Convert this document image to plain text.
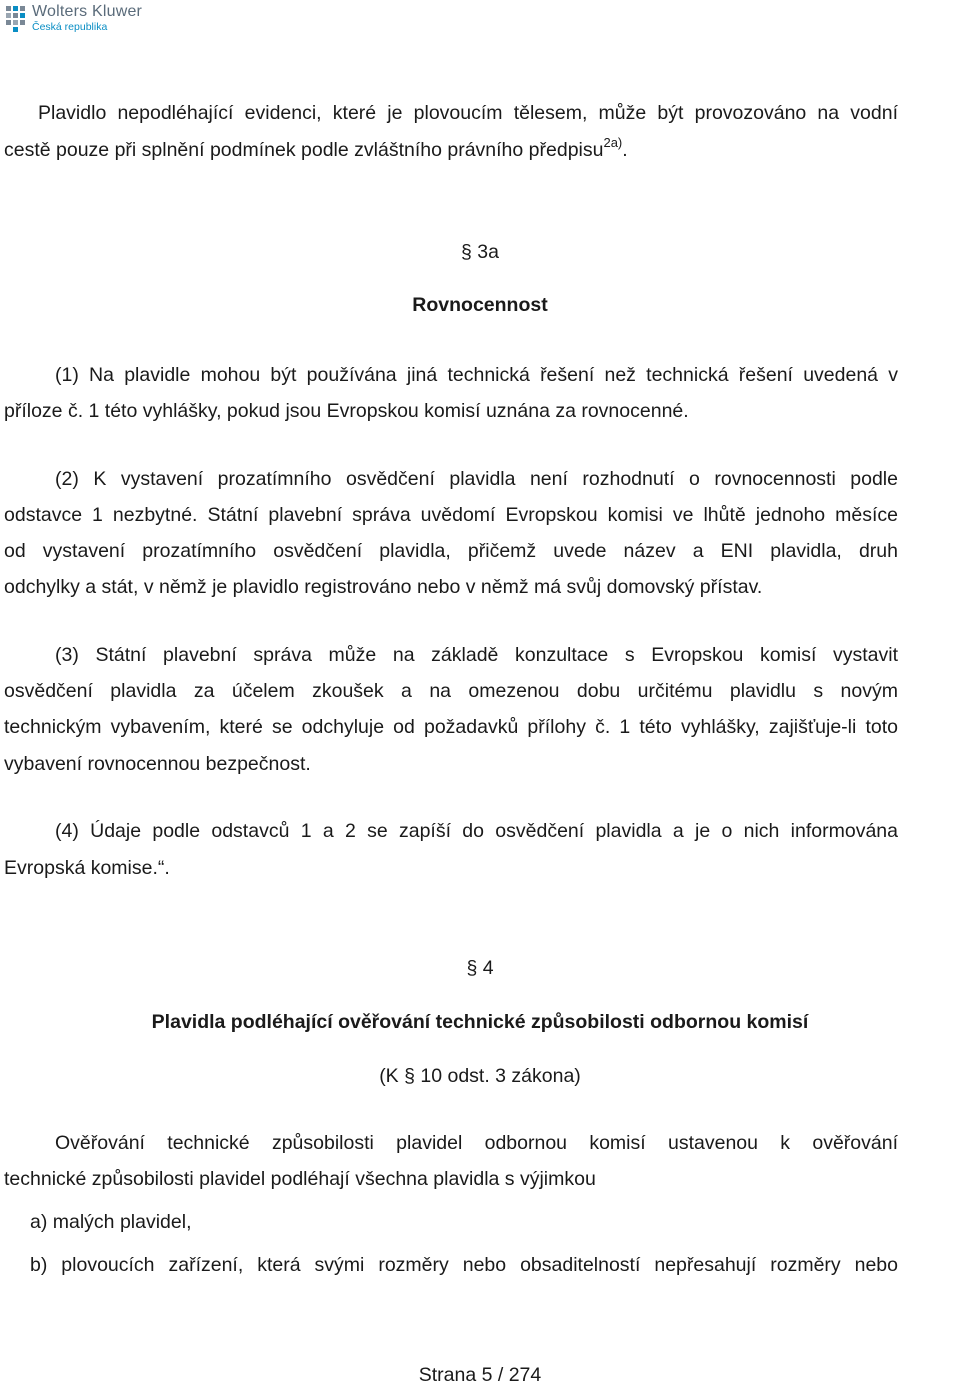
Wolters Kluwer
Česká republika
Plavidlo nepodléhající evidenci, které je plovoucím tělesem, může být provozováno na vodní
cestě pouze při splnění podmínek podle zvláštního právního předpisu$^{2a)}$.
§ 3a
Rovnocennost
(1) Na plavidle mohou být používána jiná technická řešení než technická řešení uvedená v
příloze č. 1 této vyhlášky, pokud jsou Evropskou komisí uznána za rovnocenné.
(2) K vystavení prozatímního osvědčení plavidla není rozhodnutí o rovnocennosti podle
odstavce 1 nezbytné. Státní plavební správa uvědomí Evropskou komisi ve lhůtě jednoho měsíce
od vystavení prozatímního osvědčení plavidla, přičemž uvede název a ENI plavidla, druh
odchylky a stát, v němž je plavidlo registrováno nebo v němž má svůj domovský přístav.
(3) Státní plavební správa může na základě konzultace s Evropskou komisí vystavit
osvědčení plavidla za účelem zkoušek a na omezenou dobu určitému plavidlu s novým
technickým vybavením, které se odchyluje od požadavků přílohy č. 1 této vyhlášky, zajišťuje-li toto
vybavení rovnocennou bezpečnost.
(4) Údaje podle odstavců 1 a 2 se zapíší do osvědčení plavidla a je o nich informována
Evropská komise.“.
§ 4
Plavidla podléhající ověřování technické způsobilosti odbornou komisí
(K § 10 odst. 3 zákona)
Ověřování technické způsobilosti plavidel odbornou komisí ustavenou k ověřování
technické způsobilosti plavidel podléhají všechna plavidla s výjimkou
a) malých plavidel,
b) plovoucích zařízení, která svými rozměry nebo obsaditelností nepřesahují rozměry nebo
Strana 5 / 274
